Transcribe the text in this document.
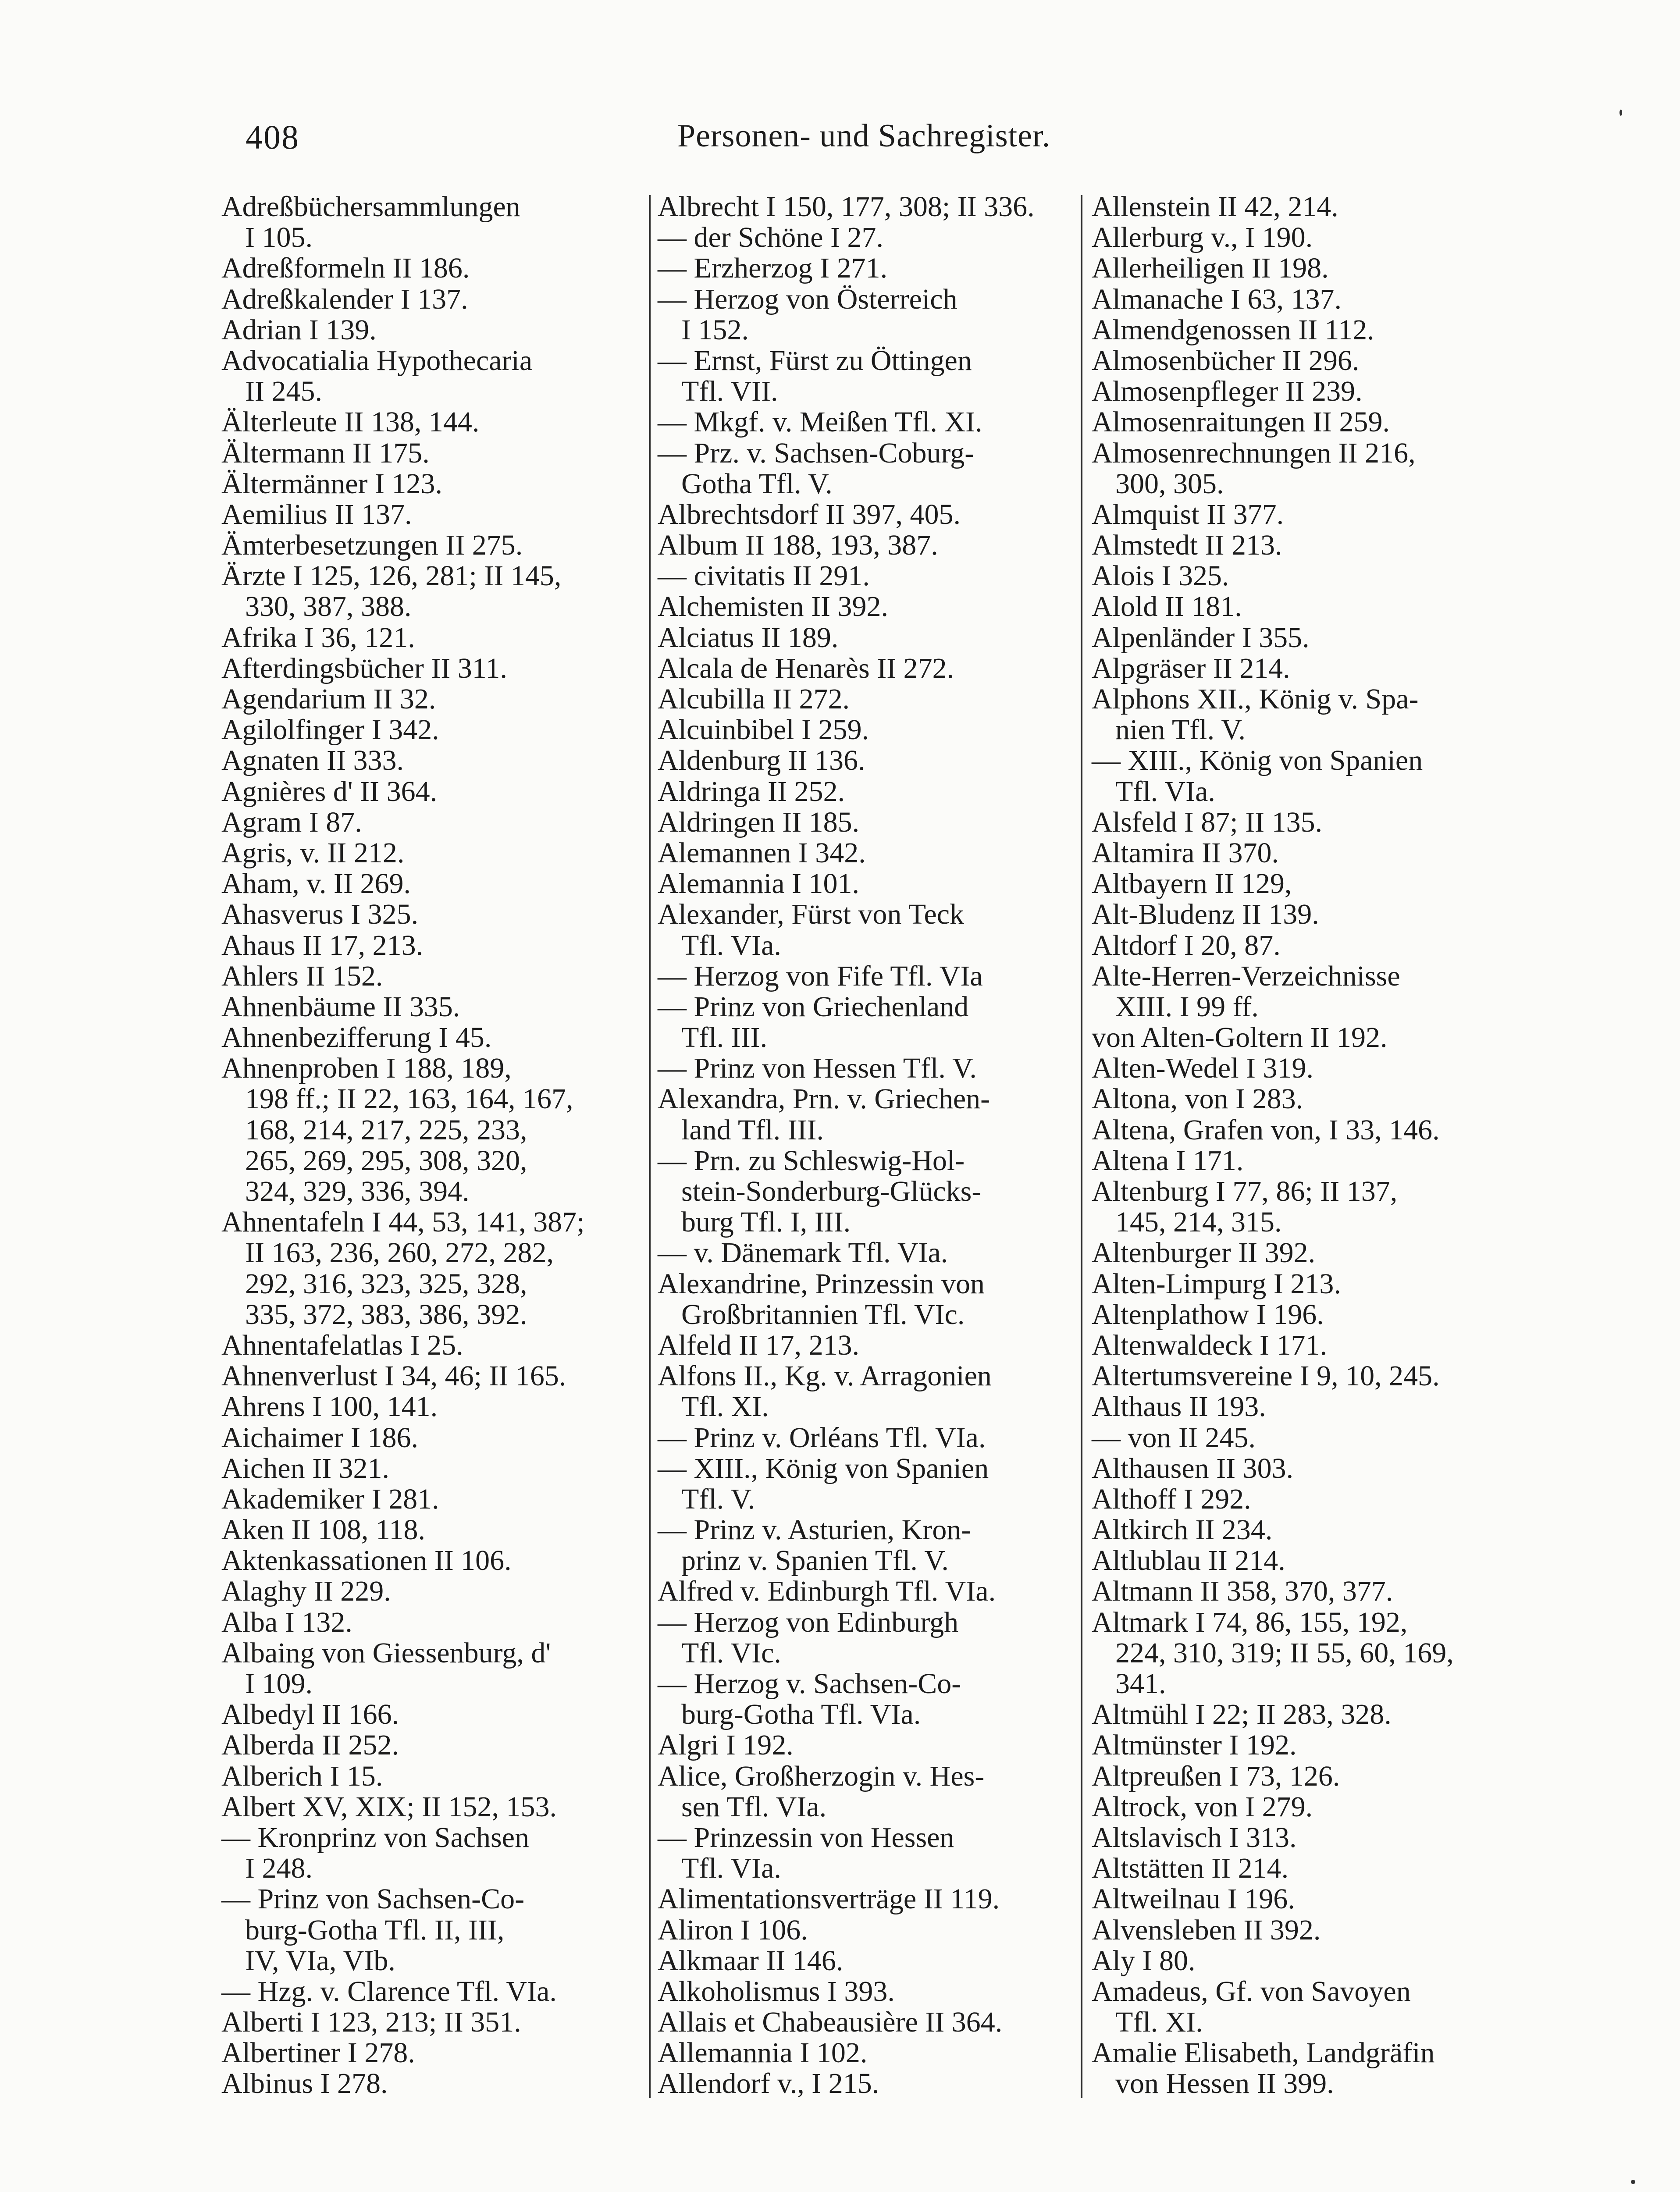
408	Personen- und Sachregister.
Adreßbüchersammlungen
I 105.
Adreßformeln II 186.
Adreßkalender I 137.
Adrian I 139.
Advocatialia Hypothecaria
II 245.
Älterleute II 138, 144.
Ältermann II 175.
Ältermänner I 123.
Aemilius II 137.
Ämterbesetzungen II 275.
Ärzte I 125, 126, 281; II 145,
330, 387, 388.
Afrika I 36, 121.
Afterdingsbücher II 311.
Agendarium II 32.
Agilolfinger I 342.
Agnaten II 333.
Agnières d' II 364.
Agram I 87.
Agris, v. II 212.
Aham, v. II 269.
Ahasverus I 325.
Ahaus II 17, 213.
Ahlers II 152.
Ahnenbäume II 335.
Ahnenbezifferung I 45.
Ahnenproben I 188, 189,
198 ff.; II 22, 163, 164, 167,
168, 214, 217, 225, 233,
265, 269, 295, 308, 320,
324, 329, 336, 394.
Ahnentafeln I 44, 53, 141, 387;
II 163, 236, 260, 272, 282,
292, 316, 323, 325, 328,
335, 372, 383, 386, 392.
Ahnentafelatlas I 25.
Ahnenverlust I 34, 46; II 165.
Ahrens I 100, 141.
Aichaimer I 186.
Aichen II 321.
Akademiker I 281.
Aken II 108, 118.
Aktenkassationen II 106.
Alaghy II 229.
Alba I 132.
Albaing von Giessenburg, d'
I 109.
Albedyl II 166.
Alberda II 252.
Alberich I 15.
Albert XV, XIX; II 152, 153.
— Kronprinz von Sachsen
I 248.
— Prinz von Sachsen-Co-
burg-Gotha Tfl. II, III,
IV, VIa, VIb.
— Hzg. v. Clarence Tfl. VIa.
Alberti I 123, 213; II 351.
Albertiner I 278.
Albinus I 278.
Albrecht I 150, 177, 308; II 336.
— der Schöne I 27.
— Erzherzog I 271.
— Herzog von Österreich
I 152.
— Ernst, Fürst zu Öttingen
Tfl. VII.
— Mkgf. v. Meißen Tfl. XI.
— Prz. v. Sachsen-Coburg-
Gotha Tfl. V.
Albrechtsdorf II 397, 405.
Album II 188, 193, 387.
— civitatis II 291.
Alchemisten II 392.
Alciatus II 189.
Alcala de Henarès II 272.
Alcubilla II 272.
Alcuinbibel I 259.
Aldenburg II 136.
Aldringa II 252.
Aldringen II 185.
Alemannen I 342.
Alemannia I 101.
Alexander, Fürst von Teck
Tfl. VIa.
— Herzog von Fife Tfl. VIa
— Prinz von Griechenland
Tfl. III.
— Prinz von Hessen Tfl. V.
Alexandra, Prn. v. Griechen-
land Tfl. III.
— Prn. zu Schleswig-Hol-
stein-Sonderburg-Glücks-
burg Tfl. I, III.
— v. Dänemark Tfl. VIa.
Alexandrine, Prinzessin von
Großbritannien Tfl. VIc.
Alfeld II 17, 213.
Alfons II., Kg. v. Arragonien
Tfl. XI.
— Prinz v. Orléans Tfl. VIa.
— XIII., König von Spanien
Tfl. V.
— Prinz v. Asturien, Kron-
prinz v. Spanien Tfl. V.
Alfred v. Edinburgh Tfl. VIa.
— Herzog von Edinburgh
Tfl. VIc.
— Herzog v. Sachsen-Co-
burg-Gotha Tfl. VIa.
Algri I 192.
Alice, Großherzogin v. Hes-
sen Tfl. VIa.
— Prinzessin von Hessen
Tfl. VIa.
Alimentationsverträge II 119.
Aliron I 106.
Alkmaar II 146.
Alkoholismus I 393.
Allais et Chabeausière II 364.
Allemannia I 102.
Allendorf v., I 215.
Allenstein II 42, 214.
Allerburg v., I 190.
Allerheiligen II 198.
Almanache I 63, 137.
Almendgenossen II 112.
Almosenbücher II 296.
Almosenpfleger II 239.
Almosenraitungen II 259.
Almosenrechnungen II 216,
300, 305.
Almquist II 377.
Almstedt II 213.
Alois I 325.
Alold II 181.
Alpenländer I 355.
Alpgräser II 214.
Alphons XII., König v. Spa-
nien Tfl. V.
— XIII., König von Spanien
Tfl. VIa.
Alsfeld I 87; II 135.
Altamira II 370.
Altbayern II 129,
Alt-Bludenz II 139.
Altdorf I 20, 87.
Alte-Herren-Verzeichnisse
XIII. I 99 ff.
von Alten-Goltern II 192.
Alten-Wedel I 319.
Altona, von I 283.
Altena, Grafen von, I 33, 146.
Altena I 171.
Altenburg I 77, 86; II 137,
145, 214, 315.
Altenburger II 392.
Alten-Limpurg I 213.
Altenplathow I 196.
Altenwaldeck I 171.
Altertumsvereine I 9, 10, 245.
Althaus II 193.
— von II 245.
Althausen II 303.
Althoff I 292.
Altkirch II 234.
Altlublau II 214.
Altmann II 358, 370, 377.
Altmark I 74, 86, 155, 192,
224, 310, 319; II 55, 60, 169,
341.
Altmühl I 22; II 283, 328.
Altmünster I 192.
Altpreußen I 73, 126.
Altrock, von I 279.
Altslavisch I 313.
Altstätten II 214.
Altweilnau I 196.
Alvensleben II 392.
Aly I 80.
Amadeus, Gf. von Savoyen
Tfl. XI.
Amalie Elisabeth, Landgräfin
von Hessen II 399.
